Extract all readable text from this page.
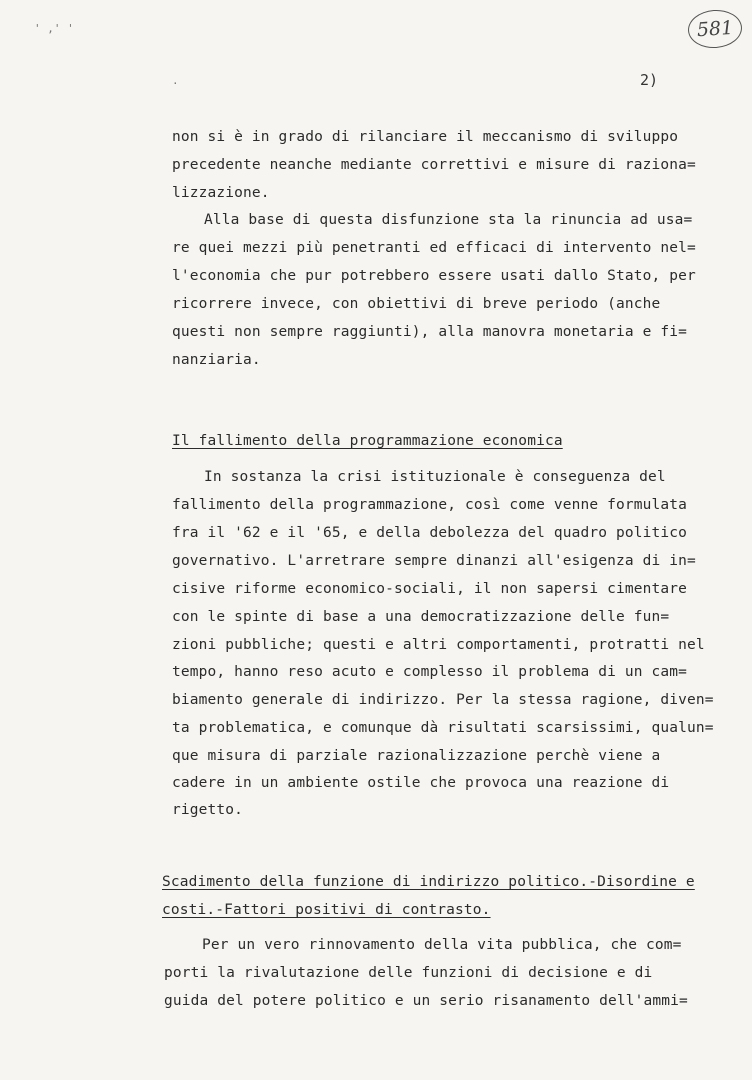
' ,' '
.
581
2)
non si è in grado di rilanciare il meccanismo di sviluppo
precedente neanche mediante correttivi e misure di raziona=
lizzazione.
Alla base di questa disfunzione sta la rinuncia ad usa=
re quei mezzi più penetranti ed efficaci di intervento nel=
l'economia che pur potrebbero essere usati dallo Stato, per
ricorrere invece, con obiettivi di breve periodo (anche
questi non sempre raggiunti), alla manovra monetaria e fi=
nanziaria.
Il fallimento della programmazione economica
In sostanza la crisi istituzionale è conseguenza del
fallimento della programmazione, così come venne formulata
fra il '62 e il '65, e della debolezza del quadro politico
governativo. L'arretrare sempre dinanzi all'esigenza di in=
cisive riforme economico-sociali, il non sapersi cimentare
con le spinte di base a una democratizzazione delle fun=
zioni pubbliche; questi e altri comportamenti, protratti nel
tempo, hanno reso acuto e complesso il problema di un cam=
biamento generale di indirizzo. Per la stessa ragione, diven=
ta problematica, e comunque dà risultati scarsissimi, qualun=
que misura di parziale razionalizzazione perchè viene a
cadere in un ambiente ostile che provoca una reazione di
rigetto.
Scadimento della funzione di indirizzo politico.-Disordine e
costi.-Fattori positivi di contrasto.
Per un vero rinnovamento della vita pubblica, che com=
porti la rivalutazione delle funzioni di decisione e di
guida del potere politico e un serio risanamento dell'ammi=
